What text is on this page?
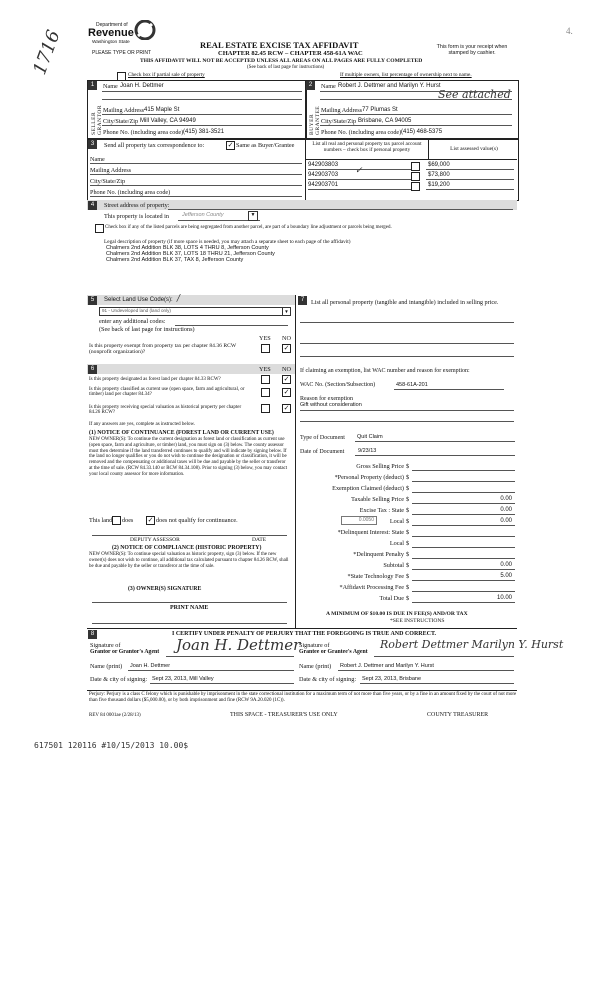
1716	4.
Department of
Revenue
Washington State
PLEASE TYPE OR PRINT
REAL ESTATE EXCISE TAX AFFIDAVIT
CHAPTER 82.45 RCW – CHAPTER 458-61A WAC
THIS AFFIDAVIT WILL NOT BE ACCEPTED UNLESS ALL AREAS ON ALL PAGES ARE FULLY COMPLETED
(See back of last page for instructions)
This form is your receipt when stamped by cashier.
Check box if partial sale of property	If multiple owners, list percentage of ownership next to name.
1	2
SELLER GRANTOR	BUYER GRANTEE
Name Joan H. Dettmer
Mailing Address 415 Maple St
City/State/Zip Mill Valley, CA 94949
Phone No. (including area code) (415) 381-3521
Name Robert J. Dettmer and Marilyn Y. Hurst
See attached
Mailing Address 77 Plumas St
City/State/Zip Brisbane, CA 94005
Phone No. (including area code) (415) 468-5375
3	Send all property tax correspondence to:	✓ Same as Buyer/Grantee
Name
Mailing Address
City/State/Zip
Phone No. (including area code)
List all real and personal property tax parcel account numbers – check box if personal property	List assessed value(s)
942903803	$69,000
942903703	$73,800
942903701	$19,200
✓
4	Street address of property:
This property is located in Jefferson County	▼
Check box if any of the listed parcels are being segregated from another parcel, are part of a boundary line adjustment or parcels being merged.
Legal description of property (if more space is needed, you may attach a separate sheet to each page of the affidavit)
Chalmers 2nd Addition BLK 38, LOTS 4 THRU 8, Jefferson County
Chalmers 2nd Addition BLK 37, LOTS 18 THRU 21, Jefferson County
Chalmers 2nd Addition BLK 37, TAX 8, Jefferson County
5	7
Select Land Use Code(s): /
91 - Undeveloped land (land only)	▼
enter any additional codes:
(See back of last page for instructions)
YES NO
Is this property exempt from property tax per chapter 84.36 RCW (nonprofit organization)?	✓
List all personal property (tangible and intangible) included in selling price.
6	YES NO
Is this property designated as forest land per chapter 84.33 RCW?	✓
Is this property classified as current use (open space, farm and agricultural, or timber) land per chapter 84.34?	✓
Is this property receiving special valuation as historical property per chapter 84.26 RCW?
✓
If any answers are yes, complete as instructed below.
(1) NOTICE OF CONTINUANCE (FOREST LAND OR CURRENT USE)
NEW OWNER(S): To continue the current designation as forest land or classification as current use (open space, farm and agriculture, or timber) land, you must sign on (3) below. The county assessor must then determine if the land transferred continues to qualify and will indicate by signing below. If the land no longer qualifies or you do not wish to continue the designation or classification, it will be removed and the compensating or additional taxes will be due and payable by the seller or transferor at the time of sale. (RCW 84.33.140 or RCW 84.34.108). Prior to signing (3) below, you may contact your local county assessor for more information.
This land does ✓ does not qualify for continuance.
DEPUTY ASSESSOR	DATE
(2) NOTICE OF COMPLIANCE (HISTORIC PROPERTY)
NEW OWNER(S): To continue special valuation as historic property, sign (3) below. If the new owner(s) does not wish to continue, all additional tax calculated pursuant to chapter 84.26 RCW, shall be due and payable by the seller or transferor at the time of sale.
(3) OWNER(S) SIGNATURE
PRINT NAME
If claiming an exemption, list WAC number and reason for exemption:
WAC No. (Section/Subsection)	458-61A-201
Reason for exemption
Gift without consideration
Type of Document Quit Claim
Date of Document 9/23/13
Gross Selling Price $
*Personal Property (deduct) $
Exemption Claimed (deduct) $
Taxable Selling Price $	0.00
Excise Tax : State $	0.00
0.0050	Local $	0.00
*Delinquent Interest: State $
Local $
*Delinquent Penalty $
Subtotal $	0.00
*State Technology Fee $	5.00
*Affidavit Processing Fee $
Total Due $	10.00
A MINIMUM OF $10.00 IS DUE IN FEE(S) AND/OR TAX
*SEE INSTRUCTIONS
8	I CERTIFY UNDER PENALTY OF PERJURY THAT THE FOREGOING IS TRUE AND CORRECT.
Signature of
Grantor or Grantor's Agent Joan H. Dettmer
Signature of
Grantee or Grantee's Agent
Robert Dettmer Marilyn Y. Hurst
Name (print) Joan H. Dettmer	Name (print) Robert J. Dettmer and Marilyn Y. Hurst
Date & city of signing: Sept 23, 2013, Mill Valley	Date & city of signing: Sept 23, 2013, Brisbane
Perjury: Perjury is a class C felony which is punishable by imprisonment in the state correctional institution for a maximum term of not more than five years, or by a fine in an amount fixed by the court of not more than five thousand dollars ($5,000.00), or by both imprisonment and fine (RCW 9A.20.020 (1C)).
REV 84 0001ae (2/28/13)	THIS SPACE - TREASURER'S USE ONLY	COUNTY TREASURER
617501 120116 #10/15/2013 10.00$
